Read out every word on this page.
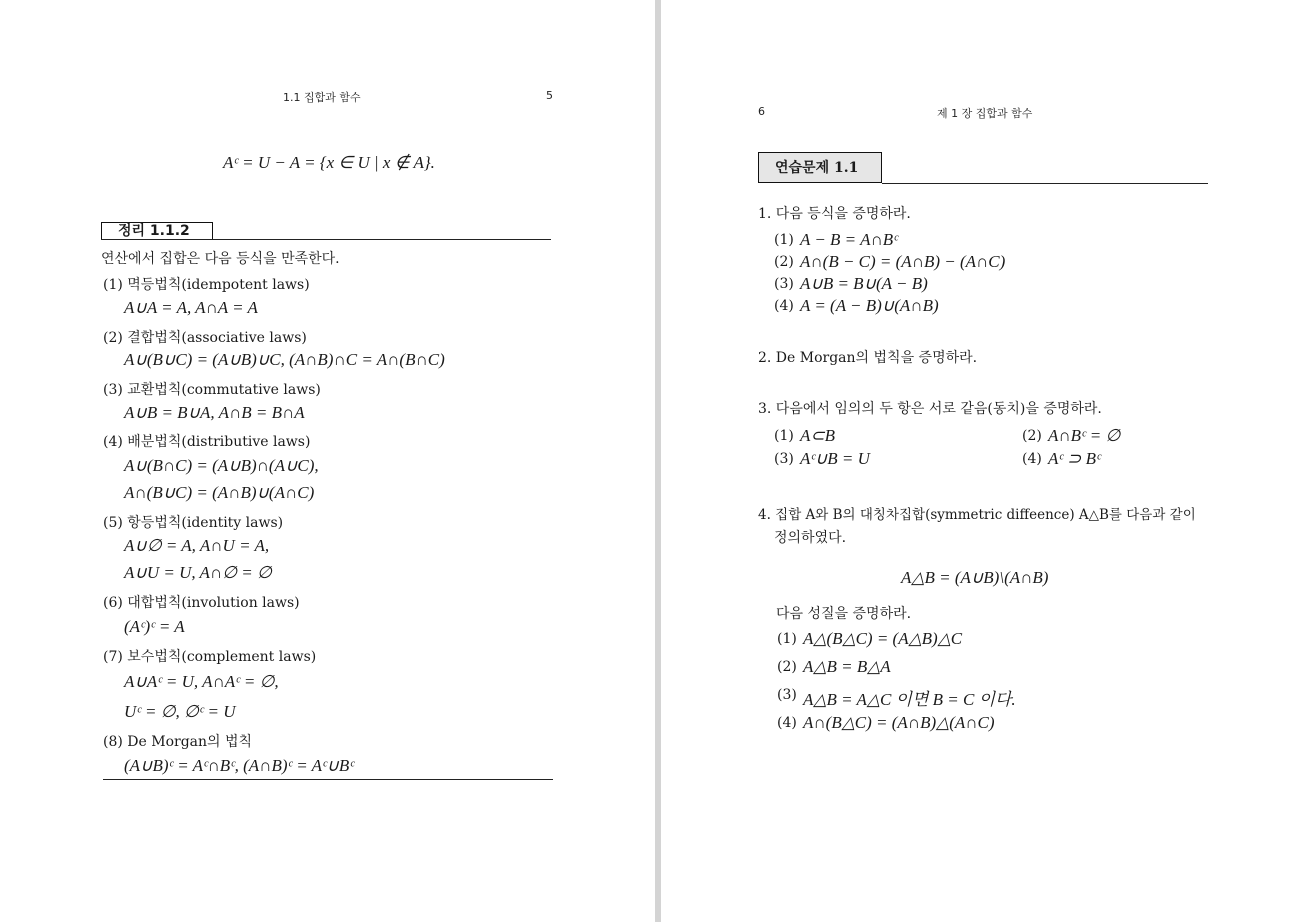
1.1 집합과 함수	5
Aᶜ = U − A = {x ∈ U | x ∉ A}.
정리 1.1.2
연산에서 집합은 다음 등식을 만족한다.
(1) 멱등법칙(idempotent laws)
A∪A = A, A∩A = A
(2) 결합법칙(associative laws)
A∪(B∪C) = (A∪B)∪C, (A∩B)∩C = A∩(B∩C)
(3) 교환법칙(commutative laws)
A∪B = B∪A, A∩B = B∩A
(4) 배분법칙(distributive laws)
A∪(B∩C) = (A∪B)∩(A∪C),
A∩(B∪C) = (A∩B)∪(A∩C)
(5) 항등법칙(identity laws)
A∪∅ = A, A∩U = A,
A∪U = U, A∩∅ = ∅
(6) 대합법칙(involution laws)
(Aᶜ)ᶜ = A
(7) 보수법칙(complement laws)
A∪Aᶜ = U, A∩Aᶜ = ∅,
Uᶜ = ∅, ∅ᶜ = U
(8) De Morgan의 법칙
(A∪B)ᶜ = Aᶜ∩Bᶜ, (A∩B)ᶜ = Aᶜ∪Bᶜ
6	제 1 장 집합과 함수
연습문제 1.1
1. 다음 등식을 증명하라.
(1) A − B = A∩Bᶜ
(2) A∩(B − C) = (A∩B) − (A∩C)
(3) A∪B = B∪(A − B)
(4) A = (A − B)∪(A∩B)
2. De Morgan의 법칙을 증명하라.
3. 다음에서 임의의 두 항은 서로 같음(동치)을 증명하라.
(1) A⊂B	(2) A∩Bᶜ = ∅
(3) Aᶜ∪B = U	(4) Aᶜ ⊃ Bᶜ
4. 집합 A와 B의 대칭차집합(symmetric diffeence) A△B를 다음과 같이
정의하였다.
A△B = (A∪B)\(A∩B)
다음 성질을 증명하라.
(1) A△(B△C) = (A△B)△C
(2) A△B = B△A
(3) A△B = A△C 이면 B = C 이다.
(4) A∩(B△C) = (A∩B)△(A∩C)
